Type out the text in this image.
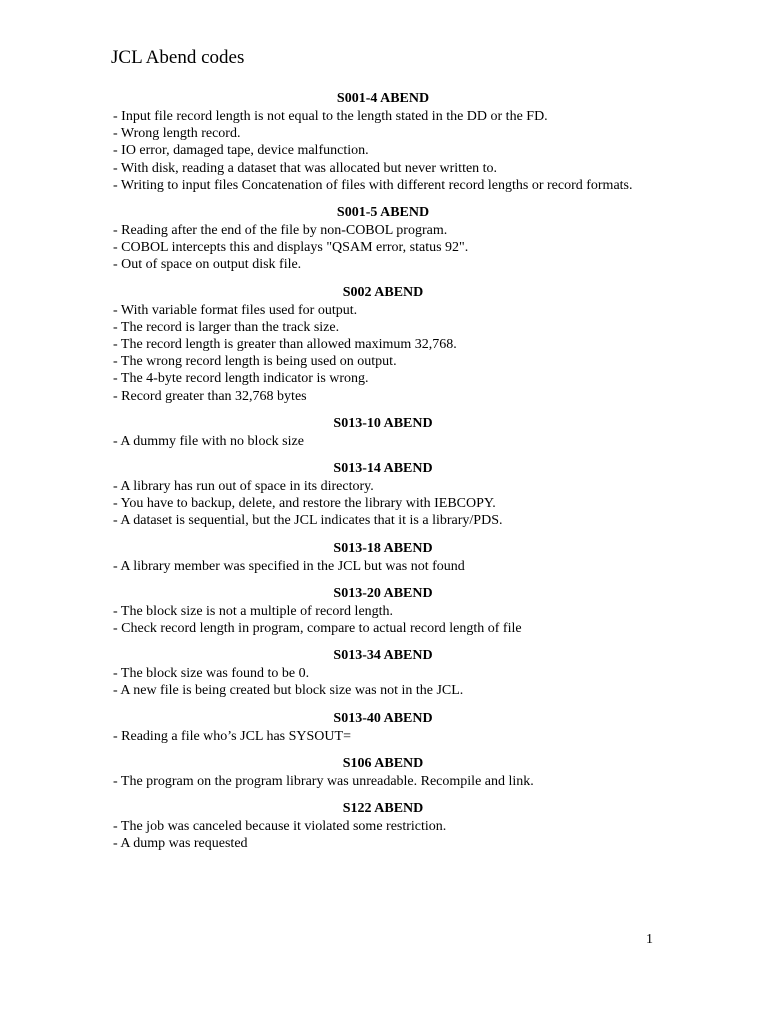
JCL Abend codes
S001-4 ABEND

- Input file record length is not equal to the length stated in the DD or the FD.

- Wrong length record.

- IO error, damaged tape, device malfunction.

- With disk, reading a dataset that was allocated but never written to.

- Writing to input files Concatenation of files with different record lengths or record formats.

S001-5 ABEND

- Reading after the end of the file by non-COBOL program.

- COBOL intercepts this and displays "QSAM error, status 92".

- Out of space on output disk file.

S002 ABEND

- With variable format files used for output.

- The record is larger than the track size.

- The record length is greater than allowed maximum 32,768.

- The wrong record length is being used on output.

- The 4-byte record length indicator is wrong.

- Record greater than 32,768 bytes

S013-10 ABEND

- A dummy file with no block size

S013-14 ABEND

- A library has run out of space in its directory.

- You have to backup, delete, and restore the library with IEBCOPY.

- A dataset is sequential, but the JCL indicates that it is a library/PDS.

S013-18 ABEND

- A library member was specified in the JCL but was not found

S013-20 ABEND

- The block size is not a multiple of record length.

- Check record length in program, compare to actual record length of file

S013-34 ABEND

- The block size was found to be 0.

- A new file is being created but block size was not in the JCL.

S013-40 ABEND

- Reading a file who’s JCL has SYSOUT=

S106 ABEND

- The program on the program library was unreadable. Recompile and link.

S122 ABEND

- The job was canceled because it violated some restriction.

- A dump was requested

1
